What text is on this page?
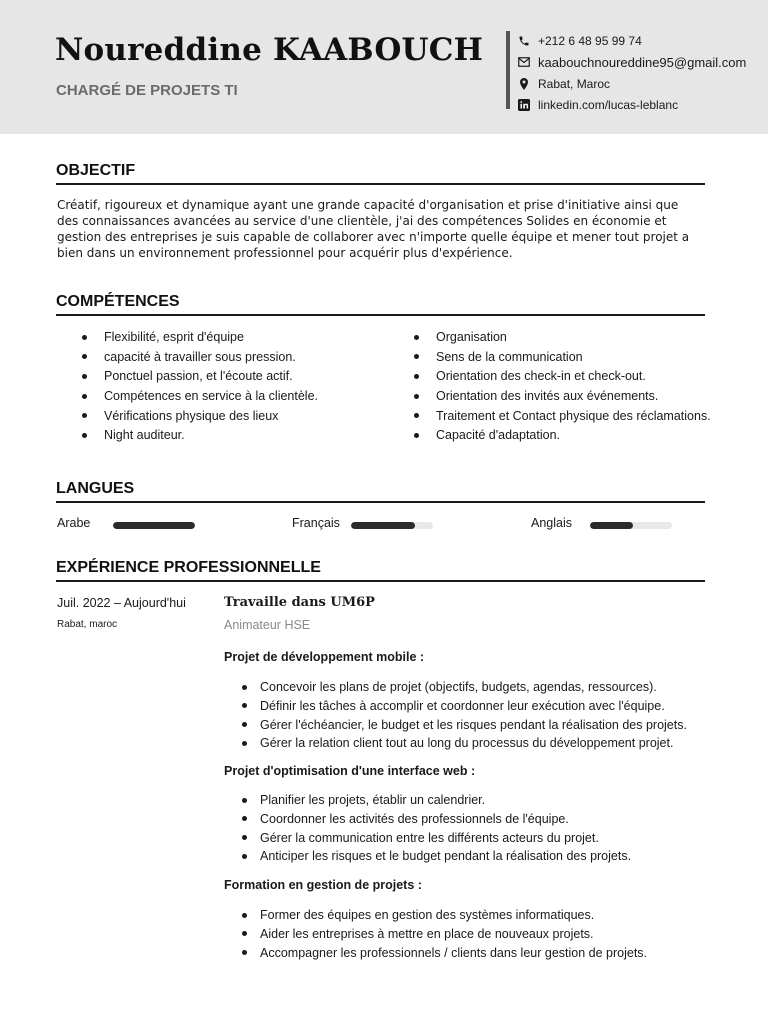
Noureddine KAABOUCH
CHARGÉ DE PROJETS TI
+212 6 48 95 99 74
kaabouchnoureddine95@gmail.com
Rabat, Maroc
linkedin.com/lucas-leblanc
OBJECTIF

Créatif, rigoureux et dynamique ayant une grande capacité d'organisation et prise d'initiative ainsi que des connaissances avancées au service d'une clientèle, j'ai des compétences Solides en économie et gestion des entreprises je suis capable de collaborer avec n'importe quelle équipe et mener tout projet a bien dans un environnement professionnel pour acquérir plus d'expérience.

COMPÉTENCES
Flexibilité, esprit d'équipe
capacité à travailler sous pression.
Ponctuel passion, et l'écoute actif.
Compétences en service à la clientèle.
Vérifications physique des lieux
Night auditeur.
Organisation
Sens de la communication
Orientation des check-in et check-out.
Orientation des invités aux événements.
Traitement et Contact physique des réclamations.
Capacité d'adaptation.
LANGUES
Arabe	Français	Anglais
EXPÉRIENCE PROFESSIONNELLE
Juil. 2022 – Aujourd'hui
Rabat, maroc
Travaille dans UM6P
Animateur HSE
Projet de développement mobile :
Concevoir les plans de projet (objectifs, budgets, agendas, ressources).
Définir les tâches à accomplir et coordonner leur exécution avec l'équipe.
Gérer l'échéancier, le budget et les risques pendant la réalisation des projets.
Gérer la relation client tout au long du processus du développement projet.
Projet d'optimisation d'une interface web :
Planifier les projets, établir un calendrier.
Coordonner les activités des professionnels de l'équipe.
Gérer la communication entre les différents acteurs du projet.
Anticiper les risques et le budget pendant la réalisation des projets.
Formation en gestion de projets :
Former des équipes en gestion des systèmes informatiques.
Aider les entreprises à mettre en place de nouveaux projets.
Accompagner les professionnels / clients dans leur gestion de projets.
